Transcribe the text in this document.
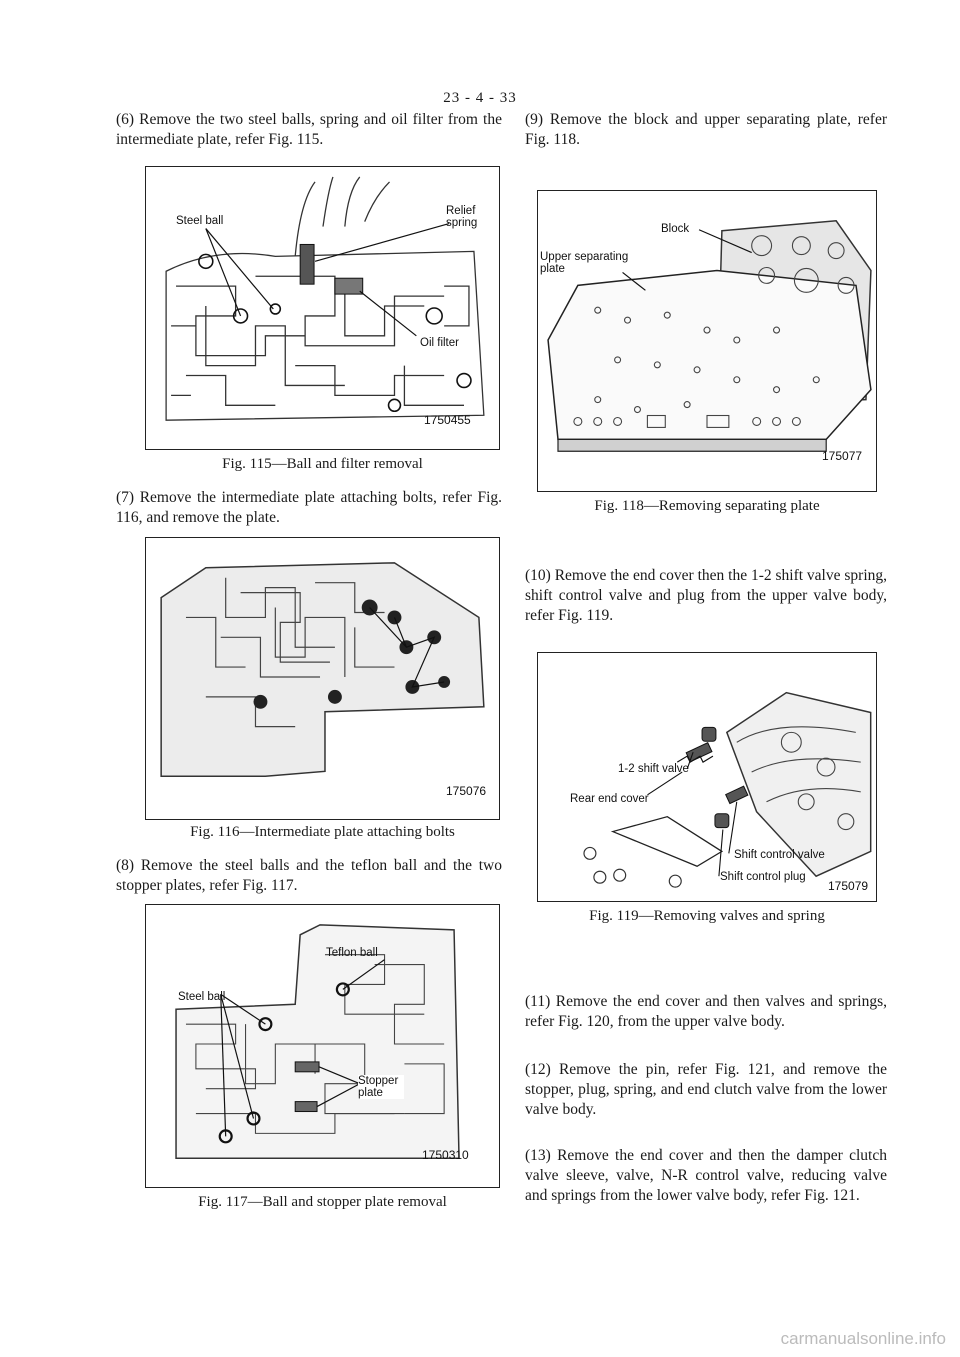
23 - 4 - 33

(6) Remove the two steel balls, spring and oil filter from the intermediate plate, refer Fig. 115.

Steel ball
Relief spring
Oil filter
1750455
Fig. 115—Ball and filter removal

(7) Remove the intermediate plate attaching bolts, refer Fig. 116, and remove the plate.

175076
Fig. 116—Intermediate plate attaching bolts

(8) Remove the steel balls and the teflon ball and the two stopper plates, refer Fig. 117.

Steel ball
Teflon ball
Stopper plate
1750310
Fig. 117—Ball and stopper plate removal

(9) Remove the block and upper separating plate, refer Fig. 118.

Block
Upper separating plate
175077
Fig. 118—Removing separating plate

(10) Remove the end cover then the 1-2 shift valve spring, shift control valve and plug from the upper valve body, refer Fig. 119.

1-2 shift valve
Rear end cover
Shift control valve
Shift control plug
175079
Fig. 119—Removing valves and spring

(11) Remove the end cover and then valves and springs, refer Fig. 120, from the upper valve body.

(12) Remove the pin, refer Fig. 121, and remove the stopper, plug, spring, and end clutch valve from the lower valve body.

(13) Remove the end cover and then the damper clutch valve sleeve, valve, N-R control valve, reducing valve and springs from the lower valve body, refer Fig. 121.

carmanualsonline.info
